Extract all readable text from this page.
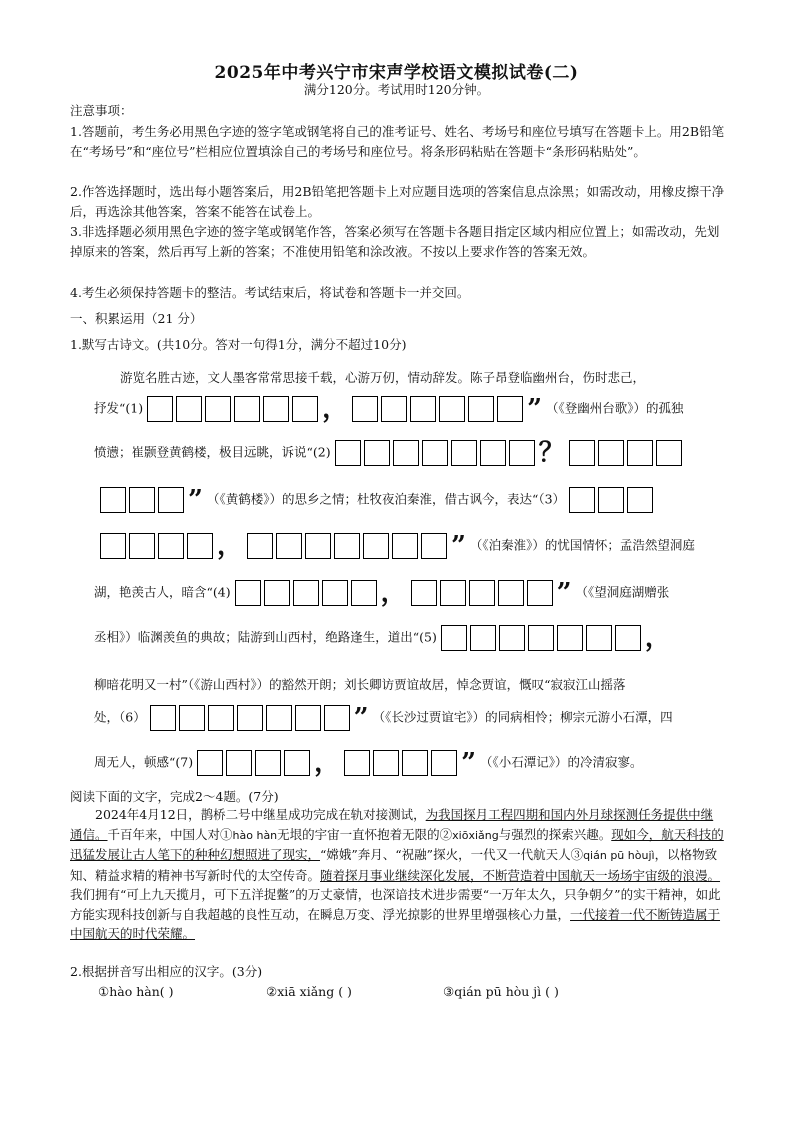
2025年中考兴宁市宋声学校语文模拟试卷(二)
满分120分。考试用时120分钟。
注意事项：
1.答题前，考生务必用黑色字迹的签字笔或钢笔将自己的准考证号、姓名、考场号和座位号填写在答题卡上。用2B铅笔在“考场号”和“座位号”栏相应位置填涂自己的考场号和座位号。将条形码粘贴在答题卡“条形码粘贴处”。
2.作答选择题时，选出每小题答案后，用2B铅笔把答题卡上对应题目选项的答案信息点涂黑；如需改动，用橡皮擦干净后，再选涂其他答案，答案不能答在试卷上。
3.非选择题必须用黑色字迹的签字笔或钢笔作答，答案必须写在答题卡各题目指定区域内相应位置上；如需改动，先划掉原来的答案，然后再写上新的答案；不准使用铅笔和涂改液。不按以上要求作答的答案无效。
4.考生必须保持答题卡的整洁。考试结束后，将试卷和答题卡一并交回。
一、积累运用（21 分）
1.默写古诗文。(共10分。答对一句得1分，满分不超过10分)
游览名胜古迹，文人墨客常常思接千载，心游万仞，情动辞发。陈子昂登临幽州台，伤时悲己，
抒发“(1)	，	” （《登幽州台歌》）的孤独
愤懑；崔颢登黄鹤楼，极目远眺，诉说“(2)	？
” （《黄鹤楼》）的思乡之情；杜牧夜泊秦淮，借古讽今，表达“（3）
，	” （《泊秦淮》）的忧国情怀；孟浩然望洞庭
湖，艳羡古人，暗含“(4)	，	” （《望洞庭湖赠张
丞相》）临渊羡鱼的典故；陆游到山西村，绝路逢生，道出“(5)	，
柳暗花明又一村”（《游山西村》）的豁然开朗；刘长卿访贾谊故居，悼念贾谊，慨叹“寂寂江山摇落
处，（6）	” （《长沙过贾谊宅》）的同病相怜；柳宗元游小石潭，四
周无人，顿感“(7)	，	” （《小石潭记》）的冷清寂寥。
阅读下面的文字，完成2～4题。(7分)
2024年4月12日，鹊桥二号中继星成功完成在轨对接测试，为我国探月工程四期和国内外月球探测任务提供中继通信。千百年来，中国人对①hào hàn无垠的宇宙一直怀抱着无限的②xiōxiǎng与强烈的探索兴趣。现如今，航天科技的迅猛发展让古人笔下的种种幻想照进了现实，“嫦娥”奔月、“祝融”探火，一代又一代航天人③qián pū hòujì，以格物致知、精益求精的精神书写新时代的太空传奇。随着探月事业继续深化发展，不断营造着中国航天一场场宇宙级的浪漫。我们拥有“可上九天揽月，可下五洋捉鳖”的万丈豪情，也深谙技术进步需要“一万年太久，只争朝夕”的实干精神，如此方能实现科技创新与自我超越的良性互动，在瞬息万变、浮光掠影的世界里增强核心力量，一代接着一代不断铸造属于中国航天的时代荣耀。
2.根据拼音写出相应的汉字。(3分)
①hào hàn( )	②xiā xiǎng ( )	③qián pū hòu jì ( )
